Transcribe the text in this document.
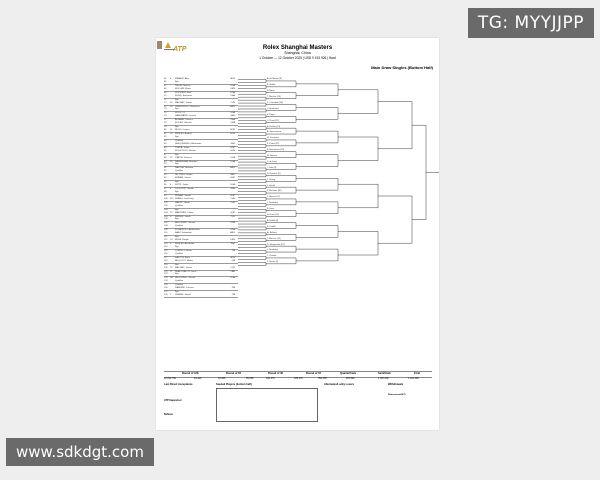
TG: MYYJJPP
ATP	Rolex Shanghai Masters
Shanghai, China
1 October — 12 October 2025 | USD 9 193 926 | Hard
Main Draw Singles (Bottom Half)
65 8 MINAUR, Alex	AUS
66	Bye
67	GIRON, Marcos	USA
68	MOLLER, Elmer	DEN
69	SPIZZIRRI, Eliot	USA
70	BONZI, Benjamin	FRA
71	Bye
72 26 MACHAC, Tomas	CZE
73 18 CERUNDOLO, Francisco	ARG
74	Bye
75	WOLF, J.J.	USA
76	HANFMANN, Yannick	GER
77	ATMANE, Terence	FRA
78	ROYER, Valentin	FRA
79	Bye
80 11 RUUD, Casper	NOR
81 13 RUBLEV, Andrey	RUS
82	Bye
83	Qualifier
84	SHEVCHENKO, Alexander	KAZ
85	OJEDA, Jaime	ESP
86	FUCSOVICS, Marton	HUN
87	Bye
88 22 TIAFOE, Frances	USA
89 28 NAKASHIMA, Brandon	USA
90	Bye
91	NAVONE, Mariano	ARG
92	Qualifier
93	DE JONG, Jesper	NED
94	MUNAR, Jaume	ESP
95	Bye
96 4 FRITZ, Taylor	USA
97 6 DJOKOVIC, Novak	SRB
98	Bye
99	MUNAR, Jaume	ESP
100 WCSHANG, Juncheng	CHN
101	HAVLIK, Jakub	CZE
102	Qualifier
103	Bye
104 32 MARTINEZ, Pedro	ESP
105 17 MENSIK, Jakub	CZE
106	Bye
107	BROOKSBY, Jenson	USA
108	Qualifier
109	KOVACEVIC, Aleksandar	USA
110	BAEZ, Sebastian	ARG
111	Bye
112 14 RUNE, Holger	DEN
113 9 RUBLEV, Alexander	KAZ
114	Bye
115	COBOLLI, Flavio	ITA
116	Qualifier
117	DALTON, Brian	AUS
118	BELLUCCI, Mattia	ITA
119	Bye
120 19 MACHAC, Tomas	CZE
121 27 SHAPOVALOV, Denis	CAN
122	Bye
123 PR BROOKSBY, Jenson	USA
124	Qualifier
125	Qualifier
126	DARDERI, Luciano	ITA
127	Bye
128 2 SINNER, Jannik	ITA
A. de Minaur [8]
E. Moller
B. Bonzi
T. Machac [26]
F. Cerundolo [18]
Y. Hanfmann
V. Royer
C. Ruud [11]
A. Rublev [13]
A. Shevchenko
M. Fucsovics
F. Tiafoe [22]
B. Nakashima [28]
M. Navone
J. de Jong
T. Fritz [4]
N. Djokovic [6]
J. Shang
J. Havlik
P. Martinez [32]
J. Mensik [17]
J. Brooksby
S. Baez
H. Rune [14]
A. Bublik [9]
F. Cobolli
M. Bellucci
T. Machac [19]
D. Shapovalov [27]
J. Brooksby
L. Darderi
J. Sinner [2]
Round of 128	Round of 64	Round of 32	Round of 16	Quarterfinals	Semifinals	Final
18 210 750	19 140	31 350	53 230	100 275	189 470	353 650	657 820	1 097 000	1 124 380
Last Direct Acceptance
ATP Supervisor
Referee
Seeded Players (bottom half)	Alternates/Lucky Losers	Withdrawals
Retirements/W.O.
www.sdkdgt.com
